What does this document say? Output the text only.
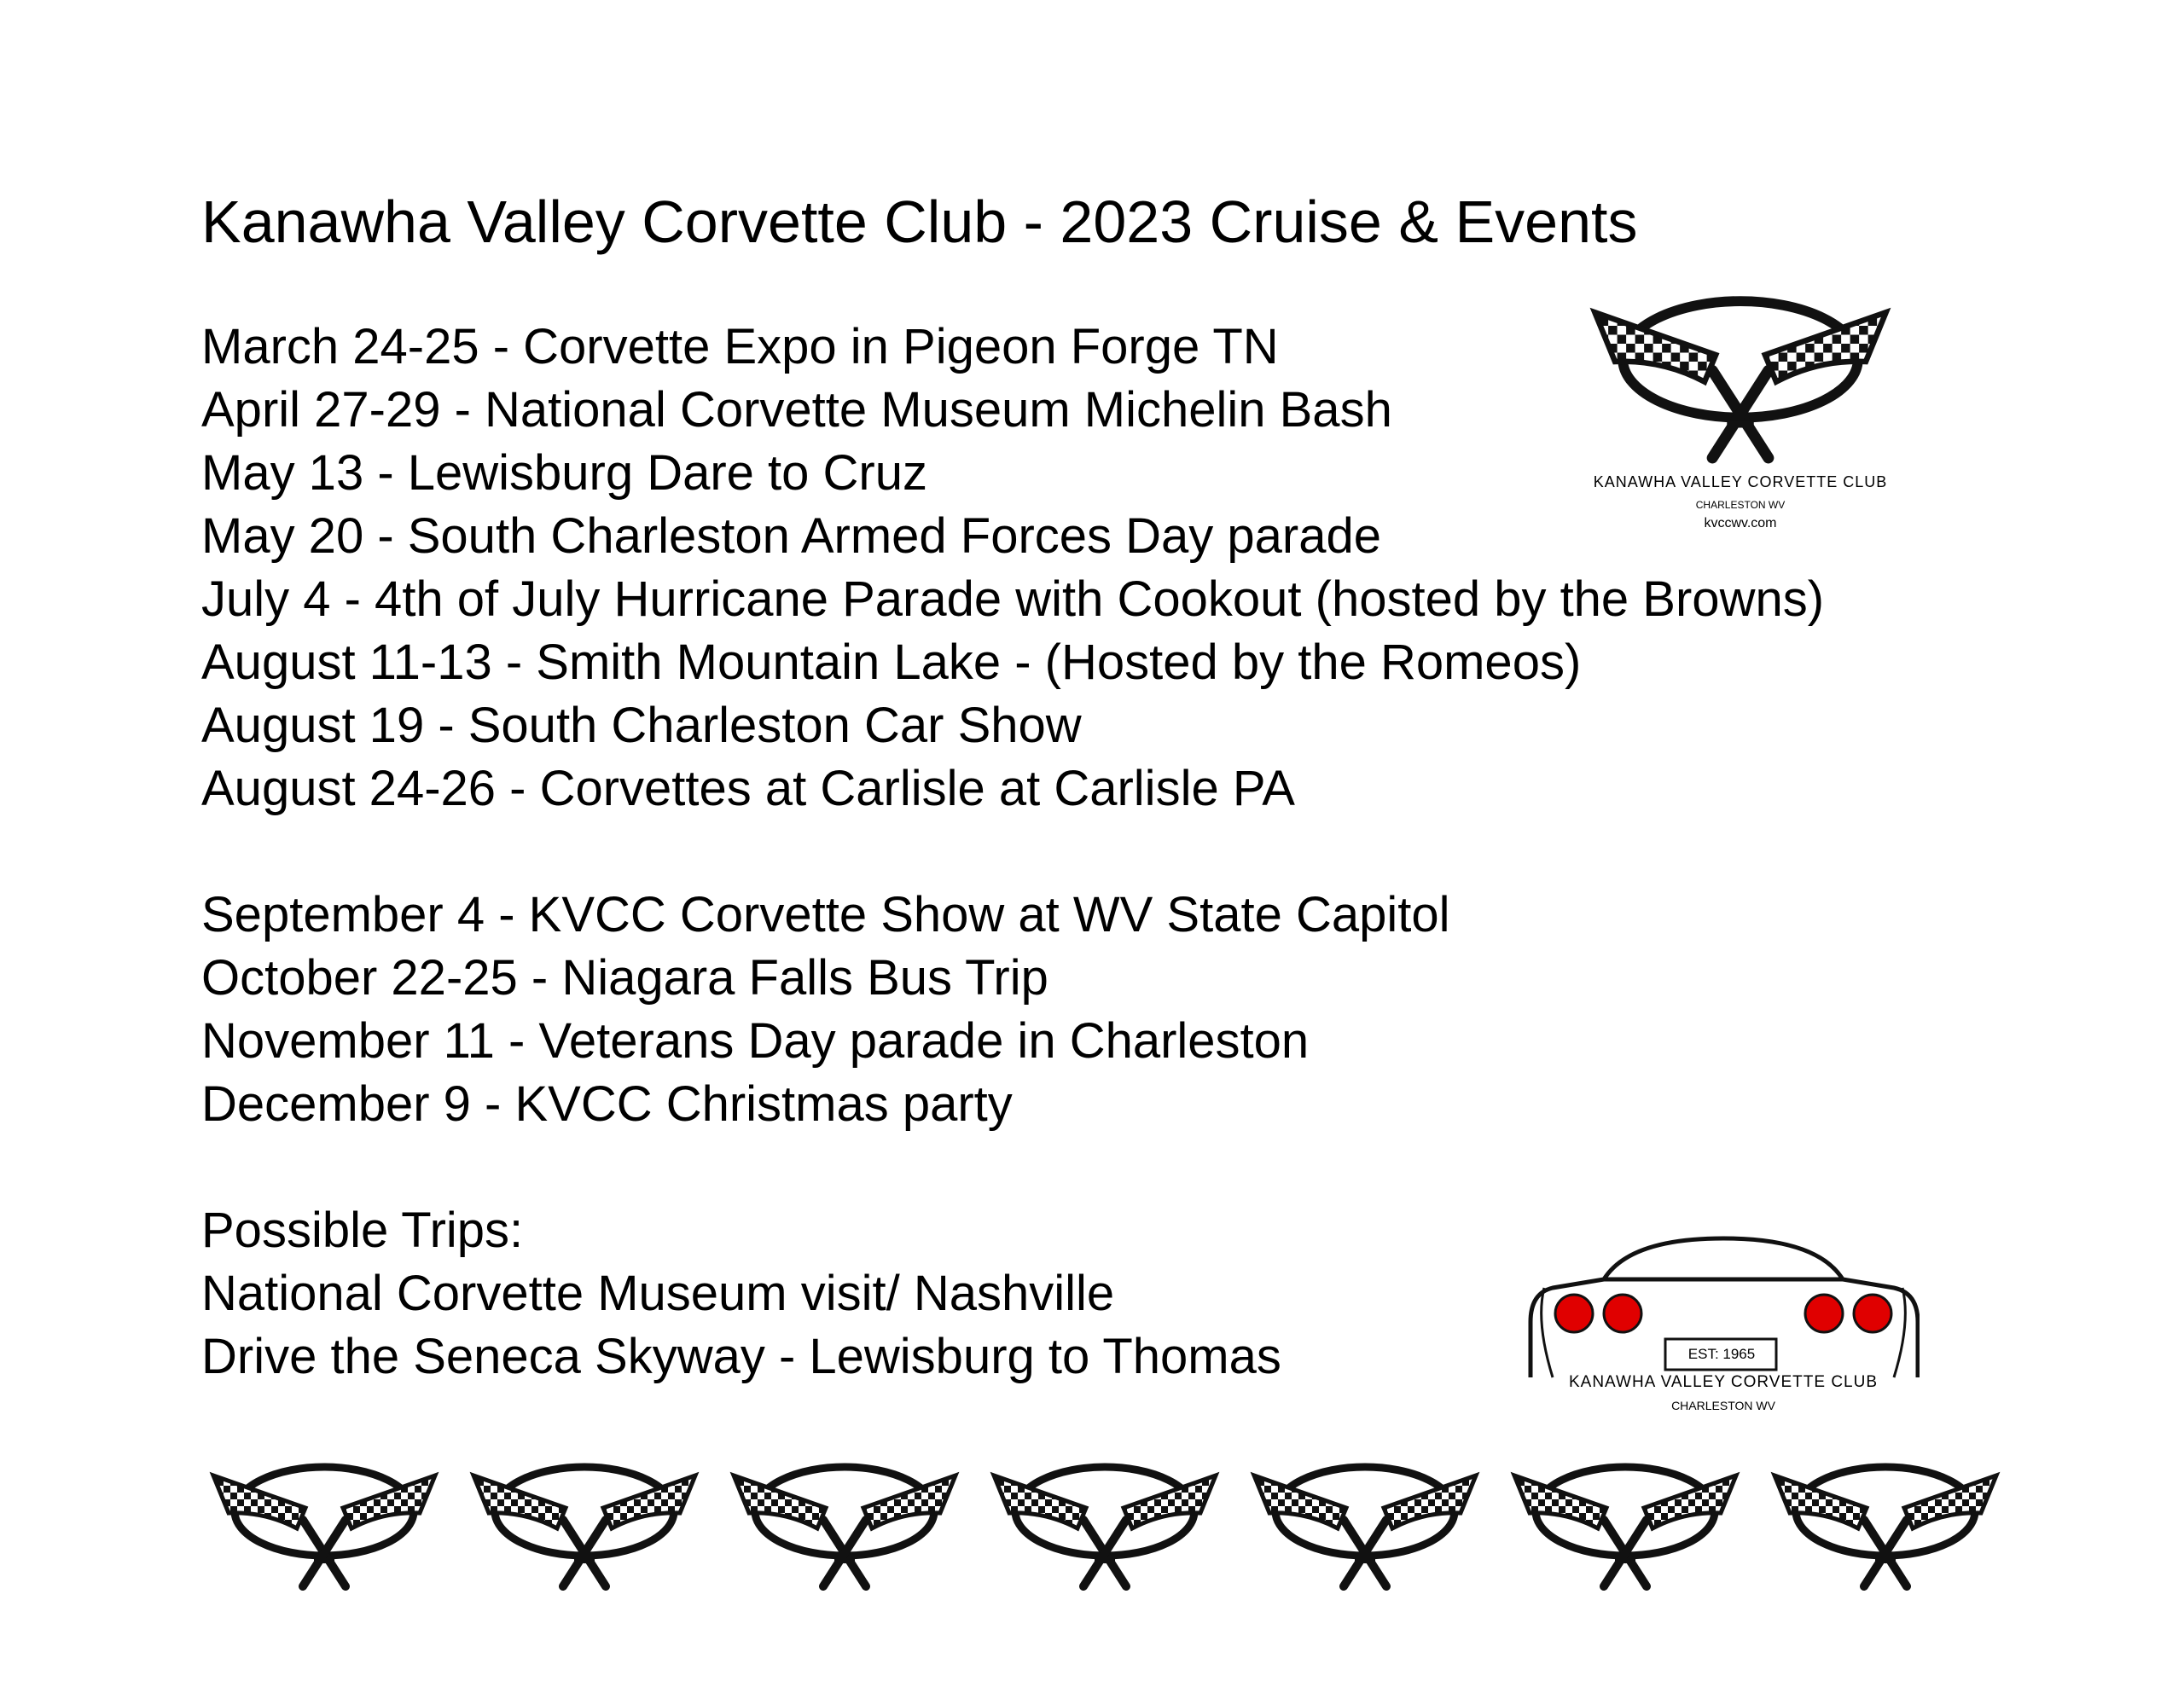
Kanawha Valley Corvette Club - 2023 Cruise & Events
KANAWHA VALLEY CORVETTE CLUB
CHARLESTON WV
kvccwv.com
March 24-25 - Corvette Expo in Pigeon Forge TN
April 27-29 - National Corvette Museum Michelin Bash
May 13 - Lewisburg Dare to Cruz
May 20 - South Charleston Armed Forces Day parade
July 4 - 4th of July Hurricane Parade with Cookout (hosted by the Browns)
August 11-13 - Smith Mountain Lake - (Hosted by the Romeos)
August 19 - South Charleston Car Show
August 24-26 - Corvettes at Carlisle at Carlisle PA
September 4 - KVCC Corvette Show at WV State Capitol
October 22-25 - Niagara Falls Bus Trip
November 11 - Veterans Day parade in Charleston
December 9 - KVCC Christmas party
Possible Trips:
National Corvette Museum visit/ Nashville
Drive the Seneca Skyway - Lewisburg to Thomas	EST: 1965
KANAWHA VALLEY CORVETTE CLUB
CHARLESTON WV
